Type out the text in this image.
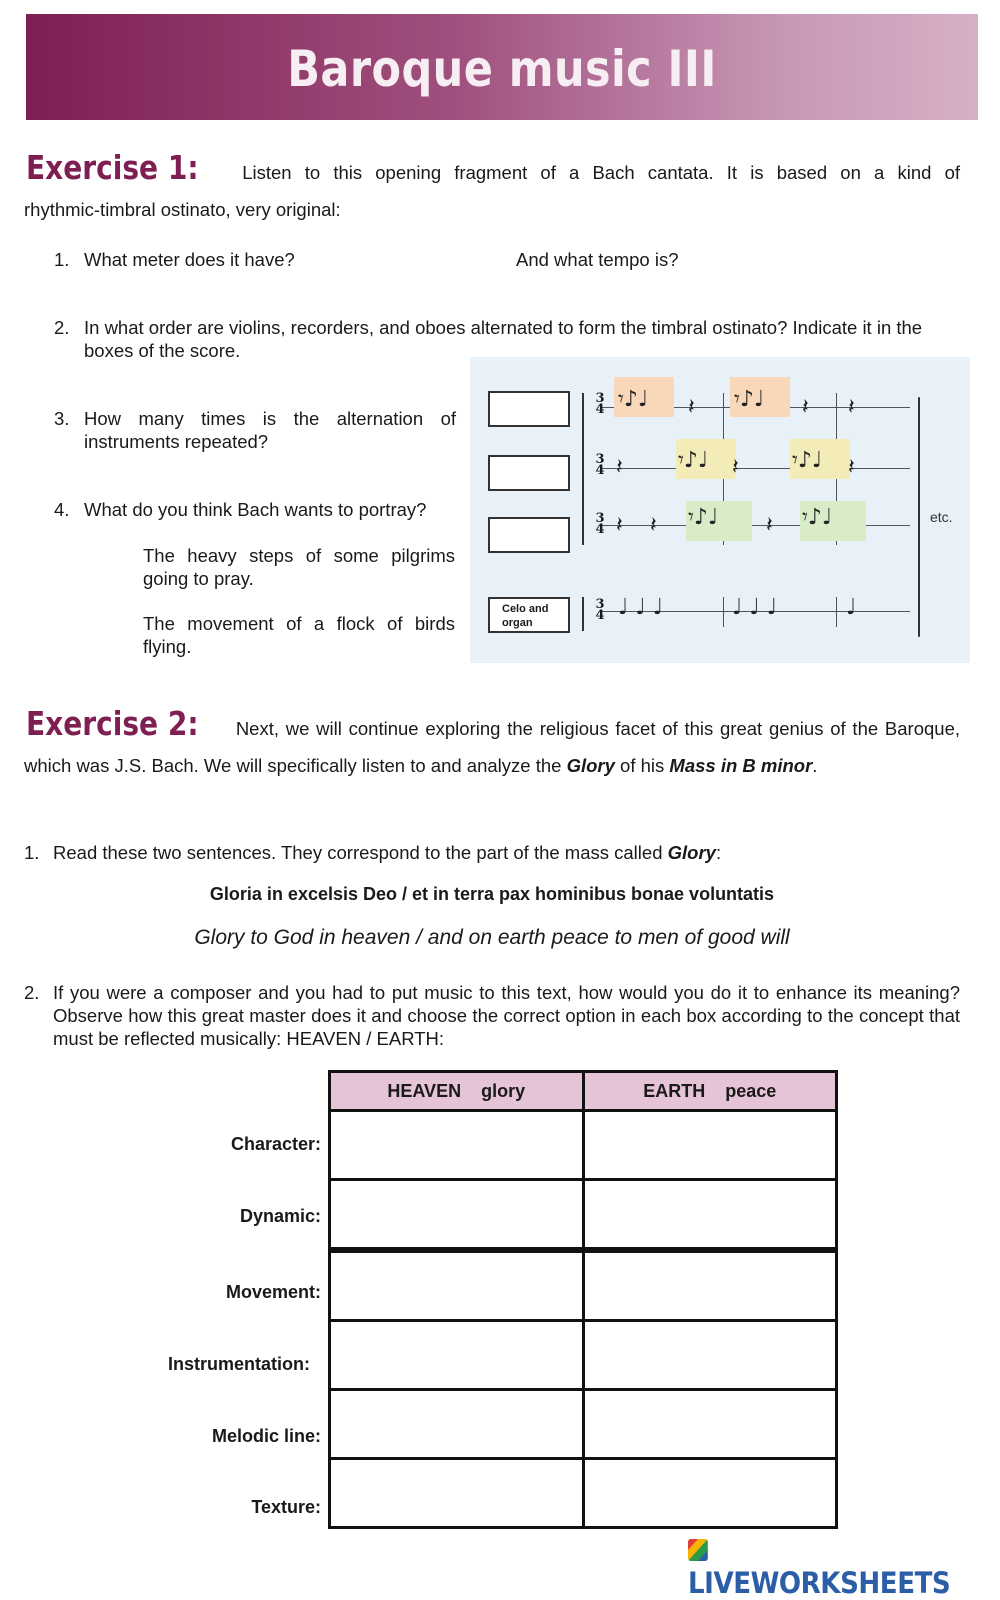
Baroque music III
Exercise 1: Listen to this opening fragment of a Bach cantata. It is based on a kind of
rhythmic-timbral ostinato, very original:
1. What meter does it have?	And what tempo is?
2. In what order are violins, recorders, and oboes alternated to form the timbral ostinato? Indicate it in the boxes of the score.
3. How many times is the alternation of instruments repeated?
4. What do you think Bach wants to portray?
The heavy steps of some pilgrims going to pray.
The movement of a flock of birds flying.
Celo and organ
3
4
3
4
3
4
3
4
𝄾♪♩ 𝄽 𝄾♪♩ 𝄽 𝄽
𝄽	𝄾♪♩ 𝄽 𝄾♪♩ 𝄽
𝄽 𝄽 𝄾♪♩ 𝄽 𝄾♪♩
♩ ♩ ♩	♩ ♩ ♩	♩
etc.
Exercise 2: Next, we will continue exploring the religious facet of this great genius of the Baroque,
which was J.S. Bach. We will specifically listen to and analyze the Glory of his Mass in B minor.
1. Read these two sentences. They correspond to the part of the mass called Glory:
Gloria in excelsis Deo / et in terra pax hominibus bonae voluntatis
Glory to God in heaven / and on earth peace to men of good will
2. If you were a composer and you had to put music to this text, how would you do it to enhance its meaning? Observe how this great master does it and choose the correct option in each box according to the concept that must be reflected musically: HEAVEN / EARTH:
HEAVEN glory	EARTH peace

Character:
Dynamic:
Movement:
Instrumentation:
Melodic line:
Texture:
LIVEWORKSHEETS
